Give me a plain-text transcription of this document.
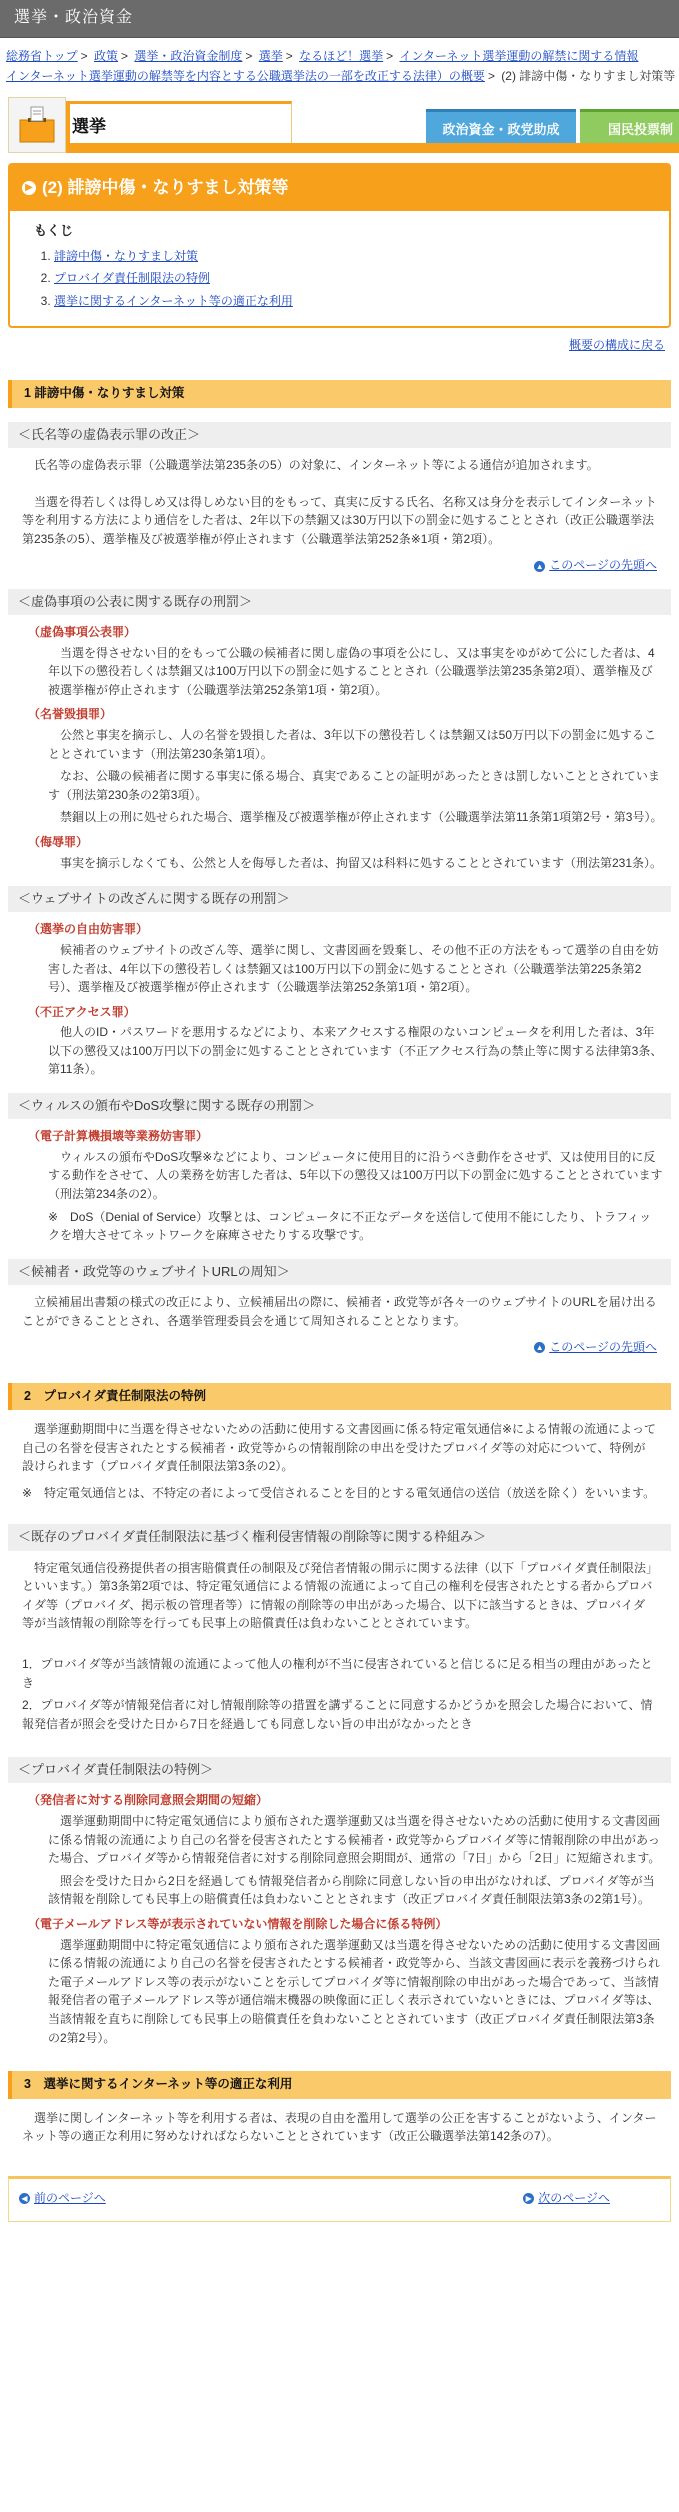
選挙・政治資金
総務省トップ > 政策 > 選挙・政治資金制度 > 選挙 > なるほど！選挙 > インターネット選挙運動の解禁に関する情報
インターネット選挙運動の解禁等を内容とする公職選挙法の一部を改正する法律）の概要 > (2) 誹謗中傷・なりすまし対策等
選挙	政治資金・政党助成	国民投票制
▶ (2) 誹謗中傷・なりすまし対策等
もくじ
1. 誹謗中傷・なりすまし対策
2. プロバイダ責任制限法の特例
3. 選挙に関するインターネット等の適正な利用
概要の構成に戻る
1 誹謗中傷・なりすまし対策
＜氏名等の虚偽表示罪の改正＞

氏名等の虚偽表示罪（公職選挙法第235条の5）の対象に、インターネット等による通信が追加されます。

当選を得若しくは得しめ又は得しめない目的をもって、真実に反する氏名、名称又は身分を表示してインターネット等を利用する方法により通信をした者は、2年以下の禁錮又は30万円以下の罰金に処することとされ（改正公職選挙法第235条の5）、選挙権及び被選挙権が停止されます（公職選挙法第252条※1項・第2項）。

▲ このページの先頭へ
＜虚偽事項の公表に関する既存の刑罰＞
（虚偽事項公表罪）
当選を得させない目的をもって公職の候補者に関し虚偽の事項を公にし、又は事実をゆがめて公にした者は、4年以下の懲役若しくは禁錮又は100万円以下の罰金に処することとされ（公職選挙法第235条第2項）、選挙権及び被選挙権が停止されます（公職選挙法第252条第1項・第2項）。
（名誉毀損罪）
公然と事実を摘示し、人の名誉を毀損した者は、3年以下の懲役若しくは禁錮又は50万円以下の罰金に処することとされています（刑法第230条第1項）。
なお、公職の候補者に関する事実に係る場合、真実であることの証明があったときは罰しないこととされています（刑法第230条の2第3項）。
禁錮以上の刑に処せられた場合、選挙権及び被選挙権が停止されます（公職選挙法第11条第1項第2号・第3号）。
（侮辱罪）
事実を摘示しなくても、公然と人を侮辱した者は、拘留又は科料に処することとされています（刑法第231条）。
＜ウェブサイトの改ざんに関する既存の刑罰＞
（選挙の自由妨害罪）
候補者のウェブサイトの改ざん等、選挙に関し、文書図画を毀棄し、その他不正の方法をもって選挙の自由を妨害した者は、4年以下の懲役若しくは禁錮又は100万円以下の罰金に処することとされ（公職選挙法第225条第2号）、選挙権及び被選挙権が停止されます（公職選挙法第252条第1項・第2項）。
（不正アクセス罪）
他人のID・パスワードを悪用するなどにより、本来アクセスする権限のないコンピュータを利用した者は、3年以下の懲役又は100万円以下の罰金に処することとされています（不正アクセス行為の禁止等に関する法律第3条、第11条）。
＜ウィルスの頒布やDoS攻撃に関する既存の刑罰＞
（電子計算機損壊等業務妨害罪）
ウィルスの頒布やDoS攻撃※などにより、コンピュータに使用目的に沿うべき動作をさせず、又は使用目的に反する動作をさせて、人の業務を妨害した者は、5年以下の懲役又は100万円以下の罰金に処することとされています（刑法第234条の2）。
※　DoS（Denial of Service）攻撃とは、コンピュータに不正なデータを送信して使用不能にしたり、トラフィックを増大させてネットワークを麻痺させたりする攻撃です。
＜候補者・政党等のウェブサイトURLの周知＞

立候補届出書類の様式の改正により、立候補届出の際に、候補者・政党等が各々一のウェブサイトのURLを届け出ることができることとされ、各選挙管理委員会を通じて周知されることとなります。

▲ このページの先頭へ
2　プロバイダ責任制限法の特例

選挙運動期間中に当選を得させないための活動に使用する文書図画に係る特定電気通信※による情報の流通によって自己の名誉を侵害されたとする候補者・政党等からの情報削除の申出を受けたプロバイダ等の対応について、特例が設けられます（プロバイダ責任制限法第3条の2）。

※　特定電気通信とは、不特定の者によって受信されることを目的とする電気通信の送信（放送を除く）をいいます。
＜既存のプロバイダ責任制限法に基づく権利侵害情報の削除等に関する枠組み＞

特定電気通信役務提供者の損害賠償責任の制限及び発信者情報の開示に関する法律（以下「プロバイダ責任制限法」といいます。）第3条第2項では、特定電気通信による情報の流通によって自己の権利を侵害されたとする者からプロバイダ等（プロバイダ、掲示板の管理者等）に情報の削除等の申出があった場合、以下に該当するときは、プロバイダ等が当該情報の削除等を行っても民事上の賠償責任は負わないこととされています。

1．プロバイダ等が当該情報の流通によって他人の権利が不当に侵害されていると信じるに足る相当の理由があったとき
2．プロバイダ等が情報発信者に対し情報削除等の措置を講ずることに同意するかどうかを照会した場合において、情報発信者が照会を受けた日から7日を経過しても同意しない旨の申出がなかったとき
＜プロバイダ責任制限法の特例＞
（発信者に対する削除同意照会期間の短縮）
選挙運動期間中に特定電気通信により頒布された選挙運動又は当選を得させないための活動に使用する文書図画に係る情報の流通により自己の名誉を侵害されたとする候補者・政党等からプロバイダ等に情報削除の申出があった場合、プロバイダ等から情報発信者に対する削除同意照会期間が、通常の「7日」から「2日」に短縮されます。
照会を受けた日から2日を経過しても情報発信者から削除に同意しない旨の申出がなければ、プロバイダ等が当該情報を削除しても民事上の賠償責任は負わないこととされます（改正プロバイダ責任制限法第3条の2第1号）。
（電子メールアドレス等が表示されていない情報を削除した場合に係る特例）
選挙運動期間中に特定電気通信により頒布された選挙運動又は当選を得させないための活動に使用する文書図画に係る情報の流通により自己の名誉を侵害されたとする候補者・政党等から、当該文書図画に表示を義務づけられた電子メールアドレス等の表示がないことを示してプロバイダ等に情報削除の申出があった場合であって、当該情報発信者の電子メールアドレス等が通信端末機器の映像面に正しく表示されていないときには、プロバイダ等は、当該情報を直ちに削除しても民事上の賠償責任を負わないこととされています（改正プロバイダ責任制限法第3条の2第2号）。
3　選挙に関するインターネット等の適正な利用

選挙に関しインターネット等を利用する者は、表現の自由を濫用して選挙の公正を害することがないよう、インターネット等の適正な利用に努めなければならないこととされています（改正公職選挙法第142条の7）。

◀ 前のページへ	▶ 次のページへ
